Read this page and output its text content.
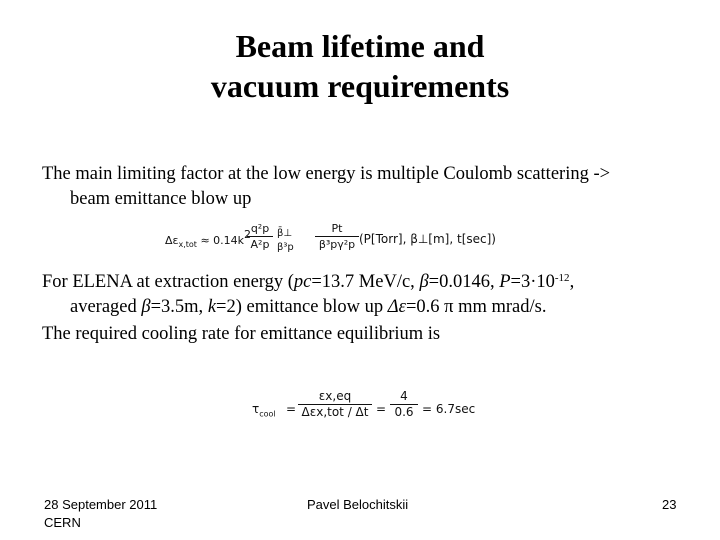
Beam lifetime and
vacuum requirements
The main limiting factor at the low energy is multiple Coulomb scattering ->
beam emittance blow up
$\Delta\varepsilon_{x,tot} \approx 0.14k^2$ q²p
A²p
β̄⊥
β³p
Pt
β³pγ²p (P[Torr], β⊥[m], t[sec])
For ELENA at extraction energy (pc=13.7 MeV/c, β=0.0146, $P=3\cdot 10^{-12}$,
averaged β=3.5m, k=2) emittance blow up Δε=0.6 π mm mrad/s.
The required cooling rate for emittance equilibrium is
$\tau_{cool}$ =
εx,eq
Δεx,tot / Δt =
4
0.6 = 6.7sec
28 September 2011
CERN
Pavel Belochitskii	23
